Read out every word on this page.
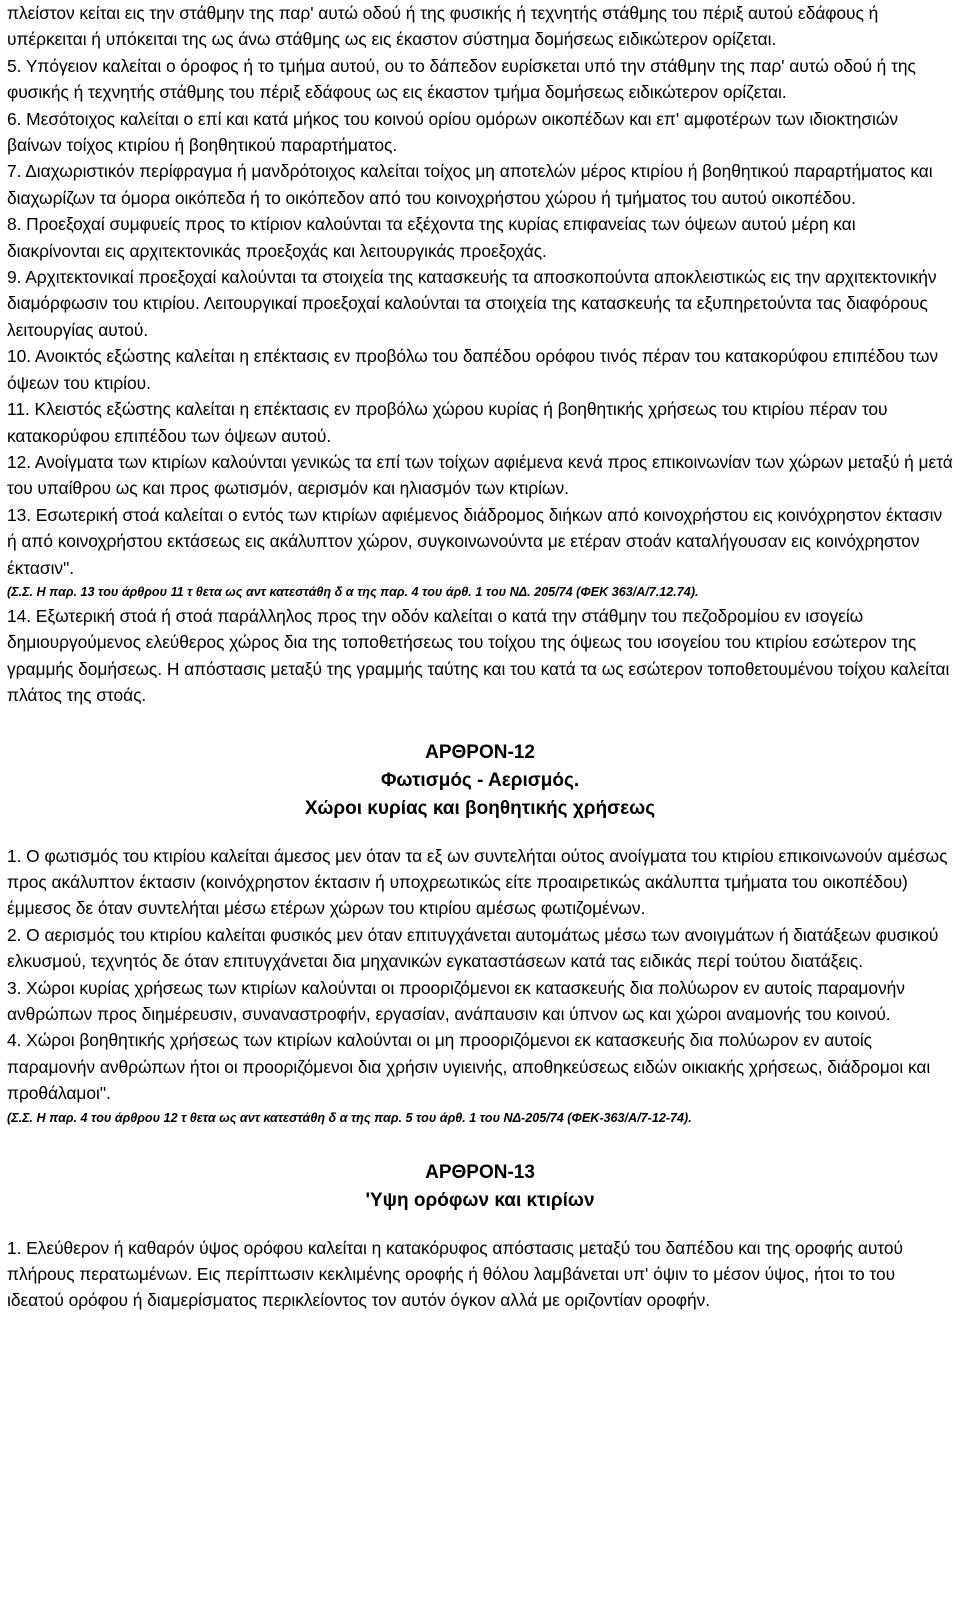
πλείστον κείται εις την στάθμην της παρ' αυτώ οδού ή της φυσικής ή τεχνητής στάθμης του πέριξ αυτού εδάφους ή υπέρκειται ή υπόκειται της ως άνω στάθμης ως εις έκαστον σύστημα δομήσεως ειδικώτερον ορίζεται.

5. Υπόγειον καλείται ο όροφος ή το τμήμα αυτού, ου το δάπεδον ευρίσκεται υπό την στάθμην της παρ' αυτώ οδού ή της φυσικής ή τεχνητής στάθμης του πέριξ εδάφους ως εις έκαστον τμήμα δομήσεως ειδικώτερον ορίζεται.

6. Μεσότοιχος καλείται ο επί και κατά μήκος του κοινού ορίου ομόρων οικοπέδων και επ' αμφοτέρων των ιδιοκτησιών βαίνων τοίχος κτιρίου ή βοηθητικού παραρτήματος.

7. Διαχωριστικόν περίφραγμα ή μανδρότοιχος καλείται τοίχος μη αποτελών μέρος κτιρίου ή βοηθητικού παραρτήματος και διαχωρίζων τα όμορα οικόπεδα ή το οικόπεδον από του κοινοχρήστου χώρου ή τμήματος του αυτού οικοπέδου.

8. Προεξοχαί συμφυείς προς το κτίριον καλούνται τα εξέχοντα της κυρίας επιφανείας των όψεων αυτού μέρη και διακρίνονται εις αρχιτεκτονικάς προεξοχάς και λειτουργικάς προεξοχάς.

9. Αρχιτεκτονικαί προεξοχαί καλούνται τα στοιχεία της κατασκευής τα αποσκοπούντα αποκλειστικώς εις την αρχιτεκτονικήν διαμόρφωσιν του κτιρίου. Λειτουργικαί προεξοχαί καλούνται τα στοιχεία της κατασκευής τα εξυπηρετούντα τας διαφόρους λειτουργίας αυτού.

10. Ανοικτός εξώστης καλείται η επέκτασις εν προβόλω του δαπέδου ορόφου τινός πέραν του κατακορύφου επιπέδου των όψεων του κτιρίου.

11. Κλειστός εξώστης καλείται η επέκτασις εν προβόλω χώρου κυρίας ή βοηθητικής χρήσεως του κτιρίου πέραν του κατακορύφου επιπέδου των όψεων αυτού.

12. Ανοίγματα των κτιρίων καλούνται γενικώς τα επί των τοίχων αφιέμενα κενά προς επικοινωνίαν των χώρων μεταξύ ή μετά του υπαίθρου ως και προς φωτισμόν, αερισμόν και ηλιασμόν των κτιρίων.

13. Εσωτερική στοά καλείται ο εντός των κτιρίων αφιέμενος διάδρομος διήκων από κοινοχρήστου εις κοινόχρηστον έκτασιν ή από κοινοχρήστου εκτάσεως εις ακάλυπτον χώρον, συγκοινωνούντα με ετέραν στοάν καταλήγουσαν εις κοινόχρηστον έκτασιν".

(Σ.Σ. Η παρ. 13 του άρθρου 11 τ θετα ως αντ κατεστάθη δ α της παρ. 4 του άρθ. 1 του ΝΔ. 205/74 (ΦΕΚ 363/Α/7.12.74).

14. Εξωτερική στοά ή στοά παράλληλος προς την οδόν καλείται ο κατά την στάθμην του πεζοδρομίου εν ισογείω δημιουργούμενος ελεύθερος χώρος δια της τοποθετήσεως του τοίχου της όψεως του ισογείου του κτιρίου εσώτερον της γραμμής δομήσεως. Η απόστασις μεταξύ της γραμμής ταύτης και του κατά τα ως εσώτερον τοποθετουμένου τοίχου καλείται πλάτος της στοάς.

ΑΡΘΡΟΝ-12

Φωτισμός - Αερισμός.

Χώροι κυρίας και βοηθητικής χρήσεως

1. Ο φωτισμός του κτιρίου καλείται άμεσος μεν όταν τα εξ ων συντελήται ούτος ανοίγματα του κτιρίου επικοινωνούν αμέσως προς ακάλυπτον έκτασιν (κοινόχρηστον έκτασιν ή υποχρεωτικώς είτε προαιρετικώς ακάλυπτα τμήματα του οικοπέδου) έμμεσος δε όταν συντελήται μέσω ετέρων χώρων του κτιρίου αμέσως φωτιζομένων.

2. Ο αερισμός του κτιρίου καλείται φυσικός μεν όταν επιτυγχάνεται αυτομάτως μέσω των ανοιγμάτων ή διατάξεων φυσικού ελκυσμού, τεχνητός δε όταν επιτυγχάνεται δια μηχανικών εγκαταστάσεων κατά τας ειδικάς περί τούτου διατάξεις.

3. Χώροι κυρίας χρήσεως των κτιρίων καλούνται οι προοριζόμενοι εκ κατασκευής δια πολύωρον εν αυτοίς παραμονήν ανθρώπων προς διημέρευσιν, συναναστροφήν, εργασίαν, ανάπαυσιν και ύπνον ως και χώροι αναμονής του κοινού.

4. Χώροι βοηθητικής χρήσεως των κτιρίων καλούνται οι μη προοριζόμενοι εκ κατασκευής δια πολύωρον εν αυτοίς παραμονήν ανθρώπων ήτοι οι προοριζόμενοι δια χρήσιν υγιεινής, αποθηκεύσεως ειδών οικιακής χρήσεως, διάδρομοι και προθάλαμοι".

(Σ.Σ. Η παρ. 4 του άρθρου 12 τ θετα ως αντ κατεστάθη δ α της παρ. 5 του άρθ. 1 του ΝΔ-205/74 (ΦΕΚ-363/Α/7-12-74).

ΑΡΘΡΟΝ-13

'Υψη ορόφων και κτιρίων

1. Ελεύθερον ή καθαρόν ύψος ορόφου καλείται η κατακόρυφος απόστασις μεταξύ του δαπέδου και της οροφής αυτού πλήρους περατωμένων. Εις περίπτωσιν κεκλιμένης οροφής ή θόλου λαμβάνεται υπ' όψιν το μέσον ύψος, ήτοι το του ιδεατού ορόφου ή διαμερίσματος περικλείοντος τον αυτόν όγκον αλλά με οριζοντίαν οροφήν.
